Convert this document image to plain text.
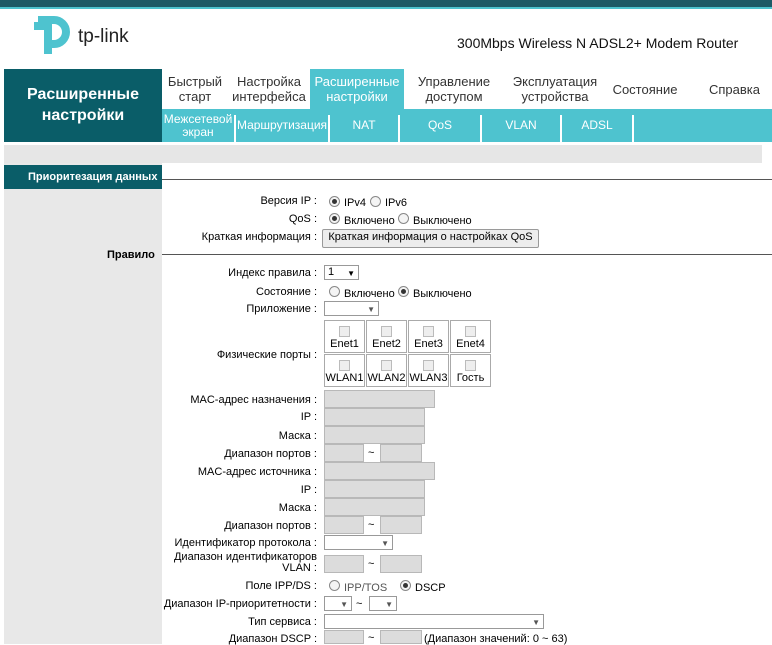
tp-link	300Mbps Wireless N ADSL2+ Modem Router
Расширенные настройки
Быстрый старт
Настройка интерфейса
Расширенные настройки
Управление доступом
Эксплуатация устройства	Состояние	Справка
Межсетевой экран	Маршрутизация	NAT	QoS	VLAN	ADSL
Приоритезация данных
Версия IP : IPv4 IPv6
QoS : Включено Выключено
Краткая информация :	Краткая информация о настройках QoS
Правило
Индекс правила :	1 ▼
Состояние : Включено Выключено
Приложение :	▼
Физические порты :
Enet1	Enet2	Enet3	Enet4
WLAN1 WLAN2 WLAN3 Гость
MAC-адрес назначения :
IP :
Маска :
Диапазон портов :	~
MAC-адрес источника :
IP :
Маска :
Диапазон портов :	~
Идентификатор протокола :	▼
Диапазон идентификаторов VLAN :	~
Поле IPP/DS : IPP/TOS	DSCP
Диапазон IP-приоритетности :	▼ ~	▼
Тип сервиса :	▼
Диапазон DSCP :	~	(Диапазон значений: 0 ~ 63)
